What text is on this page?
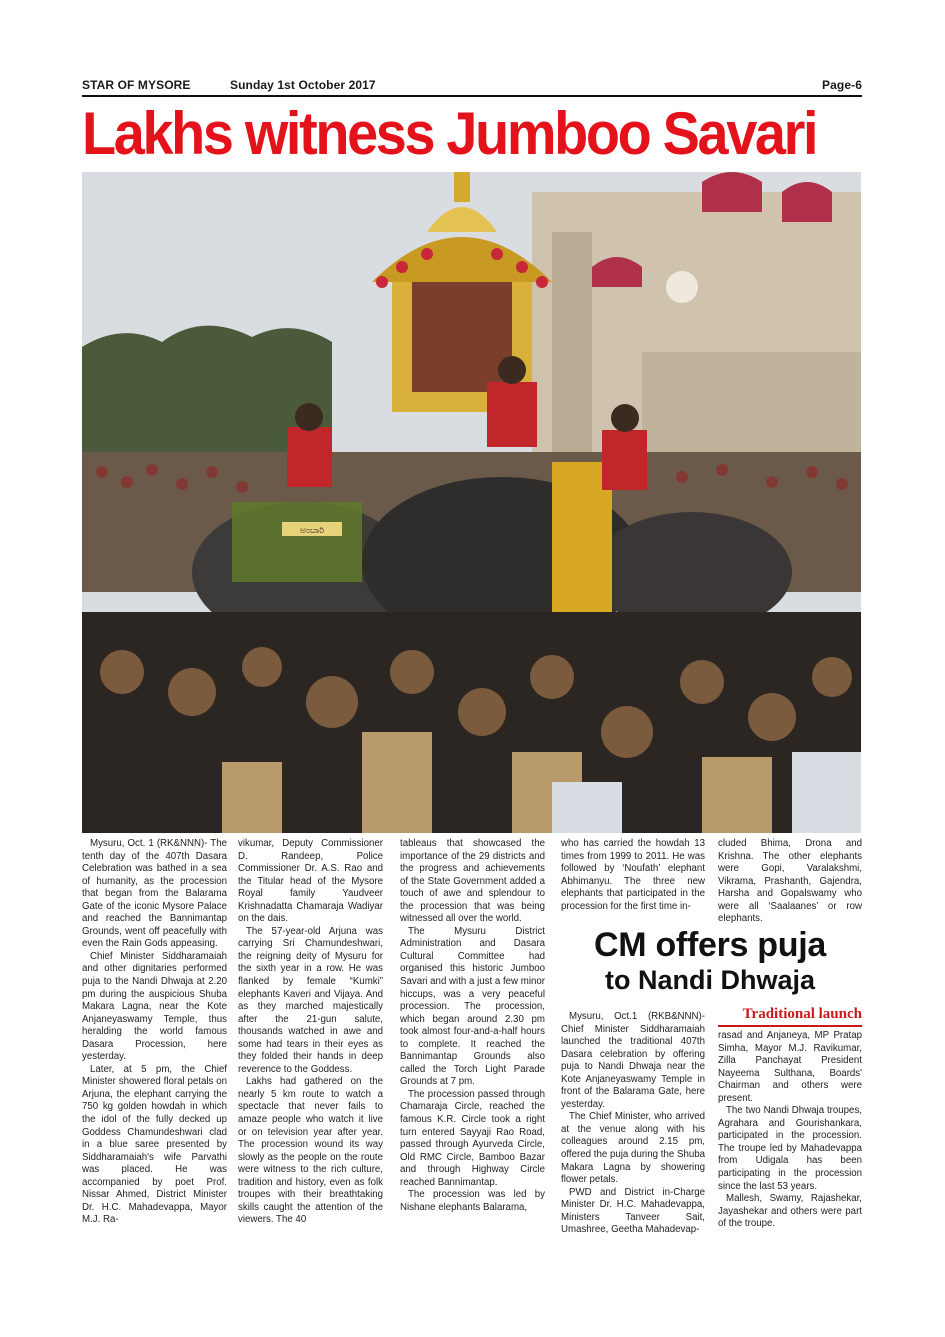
STAR OF MYSORE	Sunday 1st October 2017	Page-6
Lakhs witness Jumboo Savari
ಅಂಬಾರಿ

Mysuru, Oct. 1 (RK&NNN)- The tenth day of the 407th Dasara Celebration was bathed in a sea of humanity, as the procession that began from the Balarama Gate of the iconic Mysore Palace and reached the Bannimantap Grounds, went off peacefully with even the Rain Gods appeasing.

Chief Minister Siddharamaiah and other dignitaries performed puja to the Nandi Dhwaja at 2.20 pm during the auspicious Shuba Makara Lagna, near the Kote Anjaneyaswamy Temple, thus heralding the world famous Dasara Procession, here yesterday.

Later, at 5 pm, the Chief Minister showered floral petals on Arjuna, the elephant carrying the 750 kg golden howdah in which the idol of the fully decked up Goddess Chamundeshwari clad in a blue saree presented by Siddharamaiah's wife Parvathi was placed. He was accompanied by poet Prof. Nissar Ahmed, District Minister Dr. H.C. Mahadevappa, Mayor M.J. Ra-

vikumar, Deputy Commissioner D. Randeep, Police Commissioner Dr. A.S. Rao and the Titular head of the Mysore Royal family Yaudveer Krishnadatta Chamaraja Wadiyar on the dais.

The 57-year-old Arjuna was carrying Sri Chamundeshwari, the reigning deity of Mysuru for the sixth year in a row. He was flanked by female “Kumki” elephants Kaveri and Vijaya. And as they marched majestically after the 21-gun salute, thousands watched in awe and some had tears in their eyes as they folded their hands in deep reverence to the Goddess.

Lakhs had gathered on the nearly 5 km route to watch a spectacle that never fails to amaze people who watch it live or on television year after year. The procession wound its way slowly as the people on the route were witness to the rich culture, tradition and history, even as folk troupes with their breathtaking skills caught the attention of the viewers. The 40

tableaus that showcased the importance of the 29 districts and the progress and achievements of the State Government added a touch of awe and splendour to the procession that was being witnessed all over the world.

The Mysuru District Administration and Dasara Cultural Committee had organised this historic Jumboo Savari and with a just a few minor hiccups, was a very peaceful procession. The procession, which began around 2.30 pm took almost four-and-a-half hours to complete. It reached the Bannimantap Grounds also called the Torch Light Parade Grounds at 7 pm.

The procession passed through Chamaraja Circle, reached the famous K.R. Circle took a right turn entered Sayyaji Rao Road, passed through Ayurveda Circle, Old RMC Circle, Bamboo Bazar and through Highway Circle reached Bannimantap.

The procession was led by Nishane elephants Balarama,

who has carried the howdah 13 times from 1999 to 2011. He was followed by ‘Noufath’ elephant Abhimanyu. The three new elephants that participated in the procession for the first time in-

cluded Bhima, Drona and Krishna. The other elephants were Gopi, Varalakshmi, Vikrama, Prashanth, Gajendra, Harsha and Gopalswamy who were all ‘Saalaanes’ or row elephants.

CM offers puja
to Nandi Dhwaja
Traditional launch

Mysuru, Oct.1 (RKB&NNN)- Chief Minister Siddharamaiah launched the traditional 407th Dasara celebration by offering puja to Nandi Dhwaja near the Kote Anjaneyaswamy Temple in front of the Balarama Gate, here yesterday.

The Chief Minister, who arrived at the venue along with his colleagues around 2.15 pm, offered the puja during the Shuba Makara Lagna by showering flower petals.

PWD and District in-Charge Minister Dr. H.C. Mahadevappa, Ministers Tanveer Sait, Umashree, Geetha Mahadevap-

rasad and Anjaneya, MP Pratap Simha, Mayor M.J. Ravikumar, Zilla Panchayat President Nayeema Sulthana, Boards' Chairman and others were present.

The two Nandi Dhwaja troupes, Agrahara and Gourishankara, participated in the procession. The troupe led by Mahadevappa from Udigala has been participating in the procession since the last 53 years.

Mallesh, Swamy, Rajashekar, Jayashekar and others were part of the troupe.
